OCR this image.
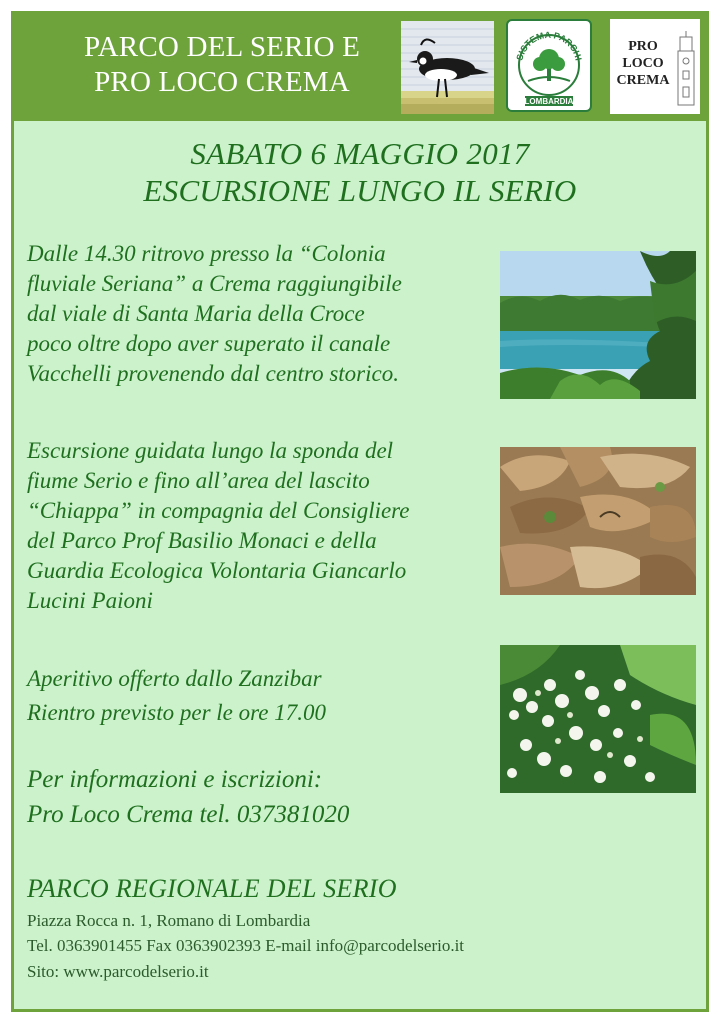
PARCO DEL SERIO E
PRO LOCO CREMA
SISTEMA PARCHI
LOMBARDIA
PRO
LOCO
CREMA
SABATO 6 MAGGIO 2017
ESCURSIONE LUNGO IL SERIO
Dalle 14.30 ritrovo presso la “Colonia
fluviale Seriana” a Crema raggiungibile
dal viale di Santa Maria della Croce
poco oltre dopo aver superato il canale
Vacchelli provenendo dal centro storico.
Escursione guidata lungo la sponda del
fiume Serio e fino all’area del lascito
“Chiappa” in compagnia del Consigliere
del Parco Prof Basilio Monaci e della
Guardia Ecologica Volontaria Giancarlo
Lucini Paioni
Aperitivo offerto dallo Zanzibar
Rientro previsto per le ore 17.00
Per informazioni e iscrizioni:
Pro Loco Crema tel. 037381020
PARCO REGIONALE DEL SERIO
Piazza Rocca n. 1, Romano di Lombardia
Tel. 0363901455 Fax 0363902393 E-mail info@parcodelserio.it
Sito: www.parcodelserio.it
